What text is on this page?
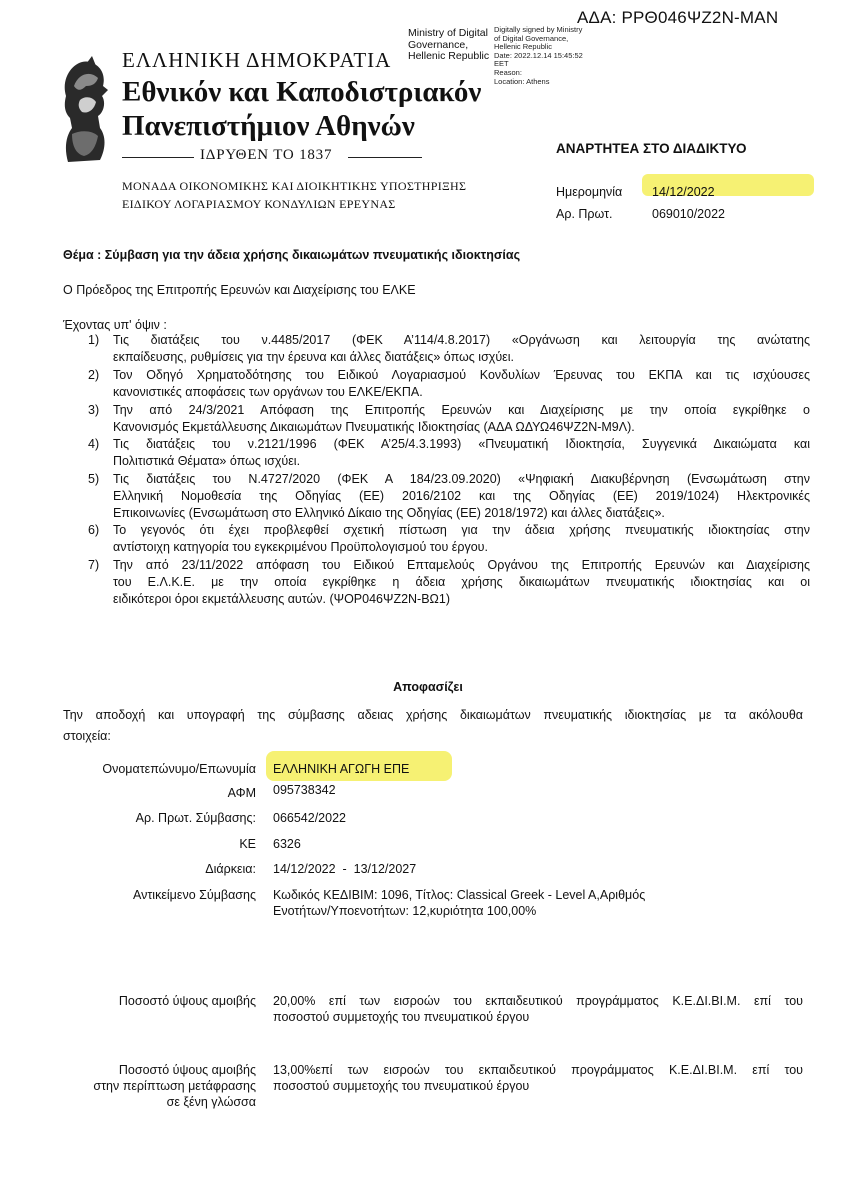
ΑΔΑ: ΡΡΘ046ΨΖ2Ν-ΜΑΝ
Ministry of Digital
Governance,
Hellenic Republic
Digitally signed by Ministry
of Digital Governance,
Hellenic Republic
Date: 2022.12.14 15:45:52
EET
Reason:
Location: Athens
ΕΛΛΗΝΙΚΗ ΔΗΜΟΚΡΑΤΙΑ
Εθνικόν και Καποδιστριακόν
Πανεπιστήμιον Αθηνών
ΙΔΡΥΘΕΝ ΤΟ 1837
ΜΟΝΑΔΑ ΟΙΚΟΝΟΜΙΚΗΣ ΚΑΙ ΔΙΟΙΚΗΤΙΚΗΣ ΥΠΟΣΤΗΡΙΞΗΣ
ΕΙΔΙΚΟΥ ΛΟΓΑΡΙΑΣΜΟΥ ΚΟΝΔΥΛΙΩΝ ΕΡΕΥΝΑΣ
ΑΝΑΡΤΗΤΕΑ ΣΤΟ ΔΙΑΔΙΚΤΥΟ
Ημερομηνία 14/12/2022
Αρ. Πρωτ.	069010/2022
Θέμα : Σύμβαση για την άδεια χρήσης δικαιωμάτων πνευματικής ιδιοκτησίας
Ο Πρόεδρος της Επιτροπής Ερευνών και Διαχείρισης του ΕΛΚΕ
Έχοντας υπ' όψιν :
1)	Τις διατάξεις του ν.4485/2017 (ΦΕΚ Α’114/4.8.2017) «Οργάνωση και λειτουργία της ανώτατης
εκπαίδευσης, ρυθμίσεις για την έρευνα και άλλες διατάξεις» όπως ισχύει.
2)	Τον Οδηγό Χρηματοδότησης του Ειδικού Λογαριασμού Κονδυλίων Έρευνας του ΕΚΠΑ και τις ισχύουσες
κανονιστικές αποφάσεις των οργάνων του ΕΛΚΕ/ΕΚΠΑ.
3)	Την από 24/3/2021 Απόφαση της Επιτροπής Ερευνών και Διαχείρισης με την οποία εγκρίθηκε ο
Κανονισμός Εκμετάλλευσης Δικαιωμάτων Πνευματικής Ιδιοκτησίας (ΑΔΑ ΩΔΥΩ46ΨΖ2Ν-Μ9Λ).
4)	Τις διατάξεις του ν.2121/1996 (ΦΕΚ Α’25/4.3.1993) «Πνευματική Ιδιοκτησία, Συγγενικά Δικαιώματα και
Πολιτιστικά Θέματα» όπως ισχύει.
5)	Τις διατάξεις του Ν.4727/2020 (ΦΕΚ Α 184/23.09.2020) «Ψηφιακή Διακυβέρνηση (Ενσωμάτωση στην
Ελληνική Νομοθεσία της Οδηγίας (ΕΕ) 2016/2102 και της Οδηγίας (ΕΕ) 2019/1024) Ηλεκτρονικές
Επικοινωνίες (Ενσωμάτωση στο Ελληνικό Δίκαιο της Οδηγίας (ΕΕ) 2018/1972) και άλλες διατάξεις».
6)	Το γεγονός ότι έχει προβλεφθεί σχετική πίστωση για την άδεια χρήσης πνευματικής ιδιοκτησίας στην
αντίστοιχη κατηγορία του εγκεκριμένου Προϋπολογισμού του έργου.
7)	Την από 23/11/2022 απόφαση του Ειδικού Επταμελούς Οργάνου της Επιτροπής Ερευνών και Διαχείρισης
του Ε.Λ.Κ.Ε. με την οποία εγκρίθηκε η άδεια χρήσης δικαιωμάτων πνευματικής ιδιοκτησίας και οι
ειδικότεροι όροι εκμετάλλευσης αυτών. (ΨΟΡ046ΨΖ2Ν-ΒΩ1)
Αποφασίζει
Την αποδοχή και υπογραφή της σύμβασης αδειας χρήσης δικαιωμάτων πνευματικής ιδιοκτησίας με τα ακόλουθα
στοιχεία:
Ονοματεπώνυμο/Επωνυμία ΕΛΛΗΝΙΚΗ ΑΓΩΓΗ ΕΠΕ
ΑΦΜ 095738342
Αρ. Πρωτ. Σύμβασης: 066542/2022
ΚΕ 6326
Διάρκεια: 14/12/2022  -  13/12/2027
Αντικείμενο Σύμβασης Κωδικός ΚΕΔΙΒΙΜ: 1096, Τίτλος: Classical Greek - Level A,Αριθμός
Ενοτήτων/Υποενοτήτων: 12,κυριότητα 100,00%
Ποσοστό ύψους αμοιβής 20,00% επί των εισροών του εκπαιδευτικού προγράμματος Κ.Ε.ΔΙ.ΒΙ.Μ. επί του
ποσοστού συμμετοχής του πνευματικού έργου
Ποσοστό ύψους αμοιβής
στην περίπτωση μετάφρασης
σε ξένη γλώσσα
13,00%επί των εισροών του εκπαιδευτικού προγράμματος Κ.Ε.ΔΙ.ΒΙ.Μ. επί του
ποσοστού συμμετοχής του πνευματικού έργου
